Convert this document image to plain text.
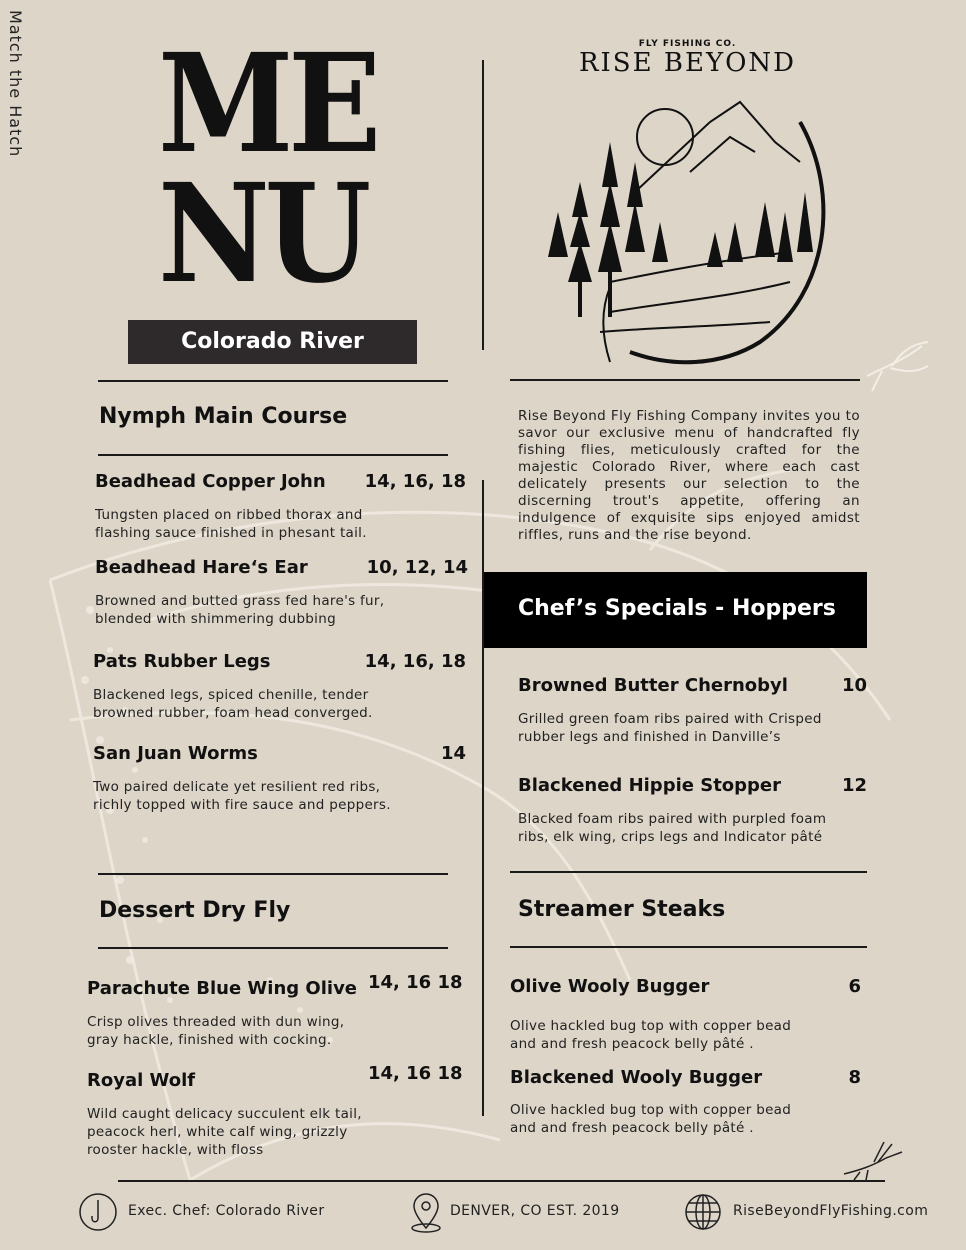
Match the Hatch ME
NU
Colorado River
FLY FISHING CO.
RISE BEYOND
Nymph Main Course
Beadhead Copper John	14, 16, 18
Tungsten placed on ribbed thorax and flashing sauce finished in phesant tail.
Beadhead Hare‘s Ear	10, 12, 14
Browned and butted grass fed hare's fur, blended with shimmering dubbing
Pats Rubber Legs	14, 16, 18
Blackened legs, spiced chenille, tender browned rubber, foam head converged.
San Juan Worms	14
Two paired delicate yet resilient red ribs, richly topped with fire sauce and peppers.
Dessert Dry Fly
Parachute Blue Wing Olive 14, 16 18
Crisp olives threaded with dun wing, gray hackle, finished with cocking.
Royal Wolf	14, 16 18
Wild caught delicacy succulent elk tail, peacock herl, white calf wing, grizzly rooster hackle, with floss
Rise Beyond Fly Fishing Company invites you to savor our exclusive menu of handcrafted fly fishing flies, meticulously crafted for the majestic Colorado River, where each cast delicately presents our selection to the discerning trout's appetite, offering an indulgence of exquisite sips enjoyed amidst riffles, runs and the rise beyond.
Chef’s Specials - Hoppers
Browned Butter Chernobyl	10
Grilled green foam ribs paired with Crisped rubber legs and finished in Danville’s
Blackened Hippie Stopper	12
Blacked foam ribs paired with purpled foam ribs, elk wing, crips legs and Indicator pâté
Streamer Steaks
Olive Wooly Bugger	6
Olive hackled bug top with copper bead and and fresh peacock belly pâté .
Blackened Wooly Bugger	8
Olive hackled bug top with copper bead and and fresh peacock belly pâté .
Exec. Chef: Colorado River	DENVER, CO EST. 2019	RiseBeyondFlyFishing.com
